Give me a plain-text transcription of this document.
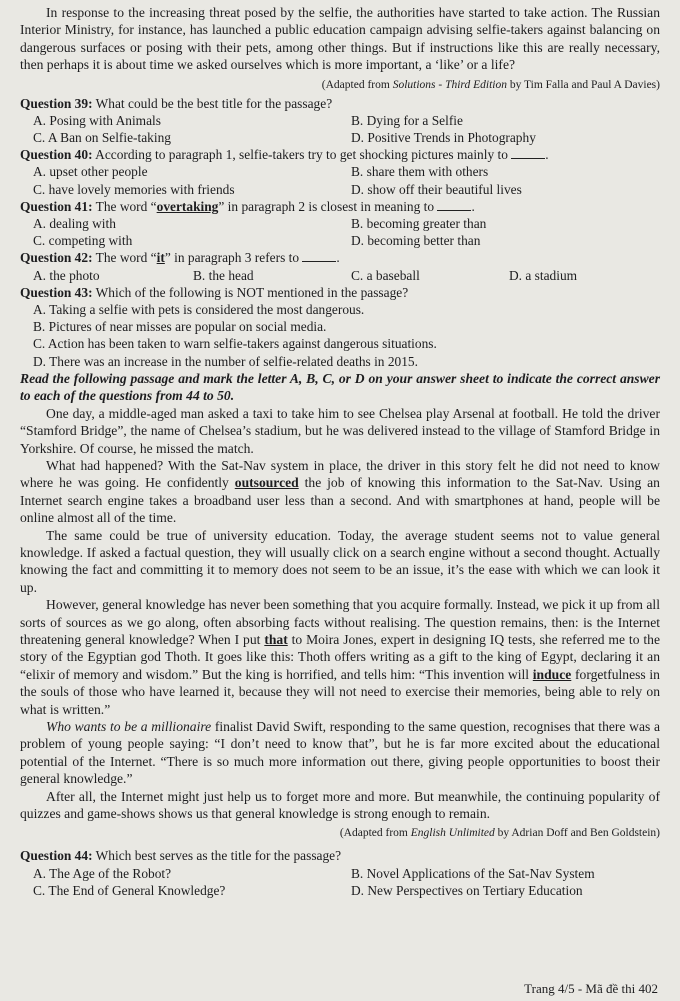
In response to the increasing threat posed by the selfie, the authorities have started to take action. The Russian Interior Ministry, for instance, has launched a public education campaign advising selfie-takers against balancing on dangerous surfaces or posing with their pets, among other things. But if instructions like this are really necessary, then perhaps it is about time we asked ourselves which is more important, a ‘like’ or a life?

(Adapted from Solutions - Third Edition by Tim Falla and Paul A Davies)
Question 39: What could be the best title for the passage?
A. Posing with Animals	B. Dying for a Selfie
C. A Ban on Selfie-taking	D. Positive Trends in Photography
Question 40: According to paragraph 1, selfie-takers try to get shocking pictures mainly to	.
A. upset other people	B. share them with others
C. have lovely memories with friends	D. show off their beautiful lives
Question 41: The word “overtaking” in paragraph 2 is closest in meaning to	.
A. dealing with	B. becoming greater than
C. competing with	D. becoming better than
Question 42: The word “it” in paragraph 3 refers to	.
A. the photo	B. the head	C. a baseball	D. a stadium
Question 43: Which of the following is NOT mentioned in the passage?
A. Taking a selfie with pets is considered the most dangerous.
B. Pictures of near misses are popular on social media.
C. Action has been taken to warn selfie-takers against dangerous situations.
D. There was an increase in the number of selfie-related deaths in 2015.

Read the following passage and mark the letter A, B, C, or D on your answer sheet to indicate the correct answer to each of the questions from 44 to 50.

One day, a middle-aged man asked a taxi to take him to see Chelsea play Arsenal at football. He told the driver “Stamford Bridge”, the name of Chelsea’s stadium, but he was delivered instead to the village of Stamford Bridge in Yorkshire. Of course, he missed the match.

What had happened? With the Sat-Nav system in place, the driver in this story felt he did not need to know where he was going. He confidently outsourced the job of knowing this information to the Sat-Nav. Using an Internet search engine takes a broadband user less than a second. And with smartphones at hand, people will be online almost all of the time.

The same could be true of university education. Today, the average student seems not to value general knowledge. If asked a factual question, they will usually click on a search engine without a second thought. Actually knowing the fact and committing it to memory does not seem to be an issue, it’s the ease with which we can look it up.

However, general knowledge has never been something that you acquire formally. Instead, we pick it up from all sorts of sources as we go along, often absorbing facts without realising. The question remains, then: is the Internet threatening general knowledge? When I put that to Moira Jones, expert in designing IQ tests, she referred me to the story of the Egyptian god Thoth. It goes like this: Thoth offers writing as a gift to the king of Egypt, declaring it an “elixir of memory and wisdom.” But the king is horrified, and tells him: “This invention will induce forgetfulness in the souls of those who have learned it, because they will not need to exercise their memories, being able to rely on what is written.”

Who wants to be a millionaire finalist David Swift, responding to the same question, recognises that there was a problem of young people saying: “I don’t need to know that”, but he is far more excited about the educational potential of the Internet. “There is so much more information out there, giving people opportunities to boost their general knowledge.”

After all, the Internet might just help us to forget more and more. But meanwhile, the continuing popularity of quizzes and game-shows shows us that general knowledge is strong enough to remain.

(Adapted from English Unlimited by Adrian Doff and Ben Goldstein)
Question 44: Which best serves as the title for the passage?
A. The Age of the Robot?	B. Novel Applications of the Sat-Nav System
C. The End of General Knowledge?	D. New Perspectives on Tertiary Education
Trang 4/5 - Mã đề thi 402
